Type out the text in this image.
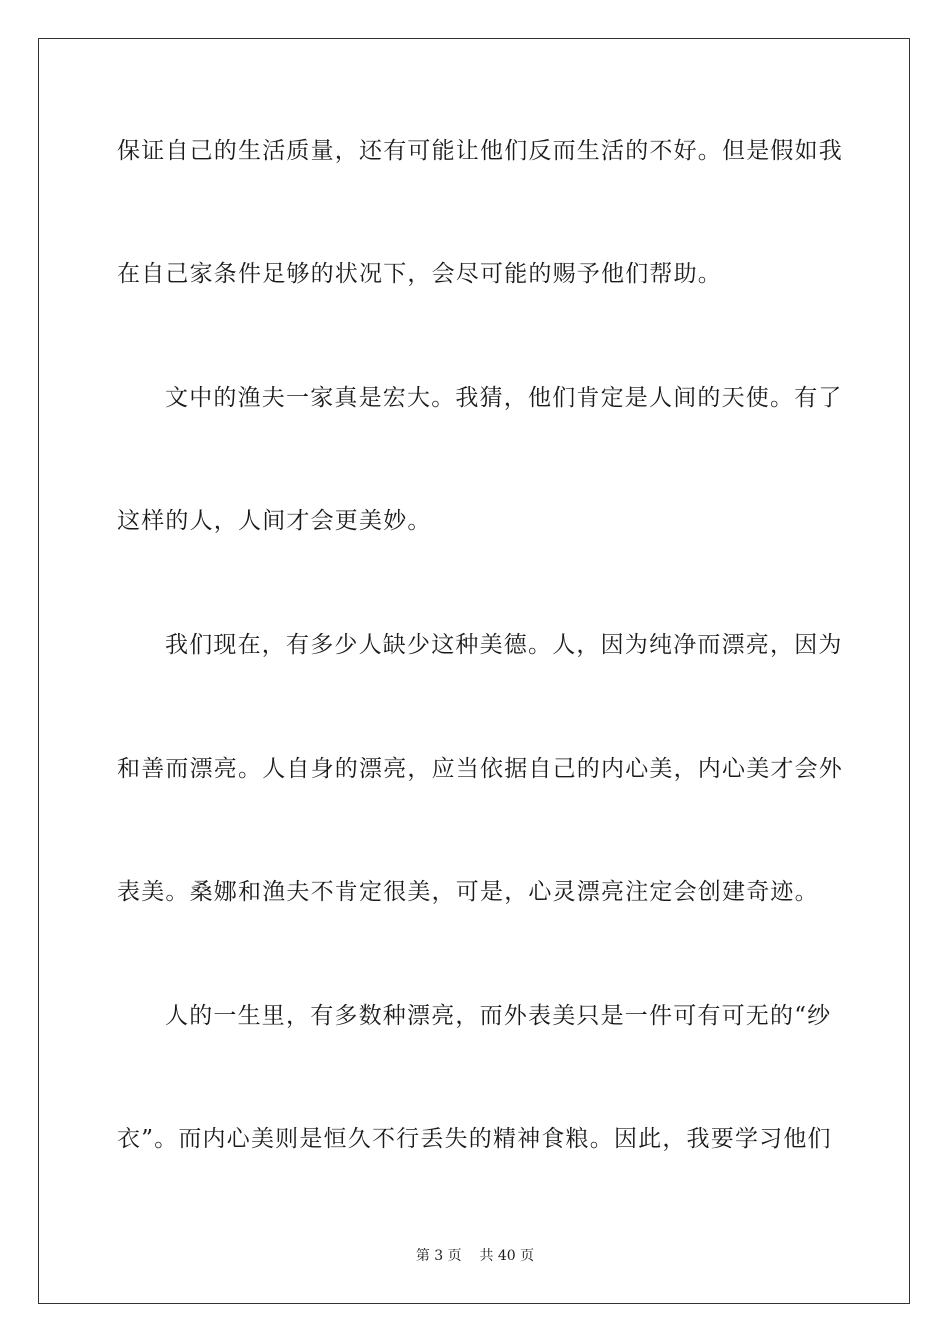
保证自己的生活质量，还有可能让他们反而生活的不好。但是假如我
在自己家条件足够的状况下，会尽可能的赐予他们帮助。
文中的渔夫一家真是宏大。我猜，他们肯定是人间的天使。有了
这样的人，人间才会更美妙。
我们现在，有多少人缺少这种美德。人，因为纯净而漂亮，因为
和善而漂亮。人自身的漂亮，应当依据自己的内心美，内心美才会外
表美。桑娜和渔夫不肯定很美，可是，心灵漂亮注定会创建奇迹。
人的一生里，有多数种漂亮，而外表美只是一件可有可无的“纱
衣”。而内心美则是恒久不行丢失的精神食粮。因此，我要学习他们
第 3 页 共 40 页
